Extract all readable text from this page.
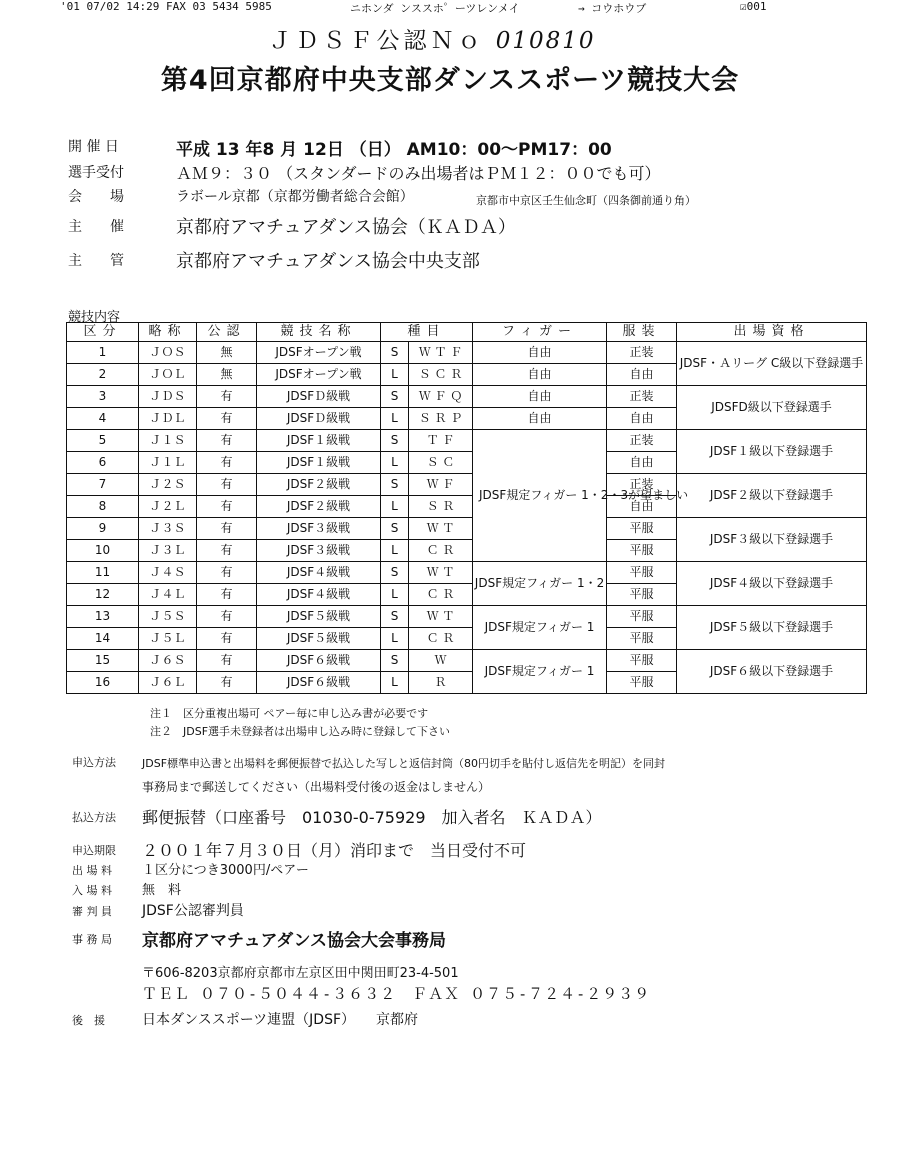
'01 07/02 14:29 FAX 03 5434 5985	ニホンダ ンススホ゜ーツレンメイ	→ コウホウブ	☑001
ＪＤＳＦ公認Ｎｏ 010810
第4回京都府中央支部ダンススポーツ競技大会
開 催 日	平成 13 年8 月 12日 （日） AM10：00～PM17：00
選手受付	ＡＭ９：３０ （スタンダードのみ出場者はＰＭ１２：００でも可）
会　　場	ラボール京都（京都労働者総合会館）	京都市中京区壬生仙念町（四条御前通り角）
主　　催	京都府アマチュアダンス協会（ＫＡＤＡ）
主　　管	京都府アマチュアダンス協会中央支部
競技内容
区分	略称	公認	競技名称	種目		フィガー	服装	出場資格
1	ＪＯＳ	無	JDSFオープン戦	S	Ｗ Ｔ Ｆ	自由	正装	JDSF・Ａリーグ C級以下登録選手
2	ＪＯＬ	無	JDSFオープン戦	L	Ｓ Ｃ Ｒ	自由	自由	
3	ＪＤＳ	有	JDSFＤ級戦	S	Ｗ Ｆ Ｑ	自由	正装	JDSFD級以下登録選手
4	ＪＤＬ	有	JDSFＤ級戦	L	Ｓ Ｒ Ｐ	自由	自由	
5	Ｊ１Ｓ	有	JDSF１級戦	S	Ｔ Ｆ	JDSF規定フィガー 1・2・3が望ましい	正装	JDSF１級以下登録選手
6	Ｊ１Ｌ	有	JDSF１級戦	L	Ｓ Ｃ		自由	
7	Ｊ２Ｓ	有	JDSF２級戦	S	Ｗ Ｆ		正装	JDSF２級以下登録選手
8	Ｊ２Ｌ	有	JDSF２級戦	L	Ｓ Ｒ		自由	
9	Ｊ３Ｓ	有	JDSF３級戦	S	Ｗ Ｔ		平服	JDSF３級以下登録選手
10	Ｊ３Ｌ	有	JDSF３級戦	L	Ｃ Ｒ		平服	
11	Ｊ４Ｓ	有	JDSF４級戦	S	Ｗ Ｔ	JDSF規定フィガー 1・2	平服	JDSF４級以下登録選手
12	Ｊ４Ｌ	有	JDSF４級戦	L	Ｃ Ｒ		平服	
13	Ｊ５Ｓ	有	JDSF５級戦	S	Ｗ Ｔ	JDSF規定フィガー 1	平服	JDSF５級以下登録選手
14	Ｊ５Ｌ	有	JDSF５級戦	L	Ｃ Ｒ		平服	
15	Ｊ６Ｓ	有	JDSF６級戦	S	Ｗ	JDSF規定フィガー 1	平服	JDSF６級以下登録選手
16	Ｊ６Ｌ	有	JDSF６級戦	L	Ｒ		平服	
注１　区分重複出場可 ペアー毎に申し込み書が必要です
注２　JDSF選手未登録者は出場申し込み時に登録して下さい
申込方法 JDSF標準申込書と出場料を郵便振替で払込した写しと返信封筒（80円切手を貼付し返信先を明記）を同封
事務局まで郵送してください（出場料受付後の返金はしません）
払込方法 郵便振替（口座番号　01030-0-75929　加入者名　ＫＡＤＡ）
申込期限 ２００１年７月３０日（月）消印まで　当日受付不可
出 場 料 １区分につき3000円/ペアー
入 場 料 無　料
審 判 員 JDSF公認審判員
事 務 局 京都府アマチュアダンス協会大会事務局
〒606-8203京都府京都市左京区田中関田町23-4-501
ＴＥＬ ０７０-５０４４-３６３２　ＦＡＸ ０７５-７２４-２９３９
後　援	日本ダンススポーツ連盟（JDSF）　　京都府
